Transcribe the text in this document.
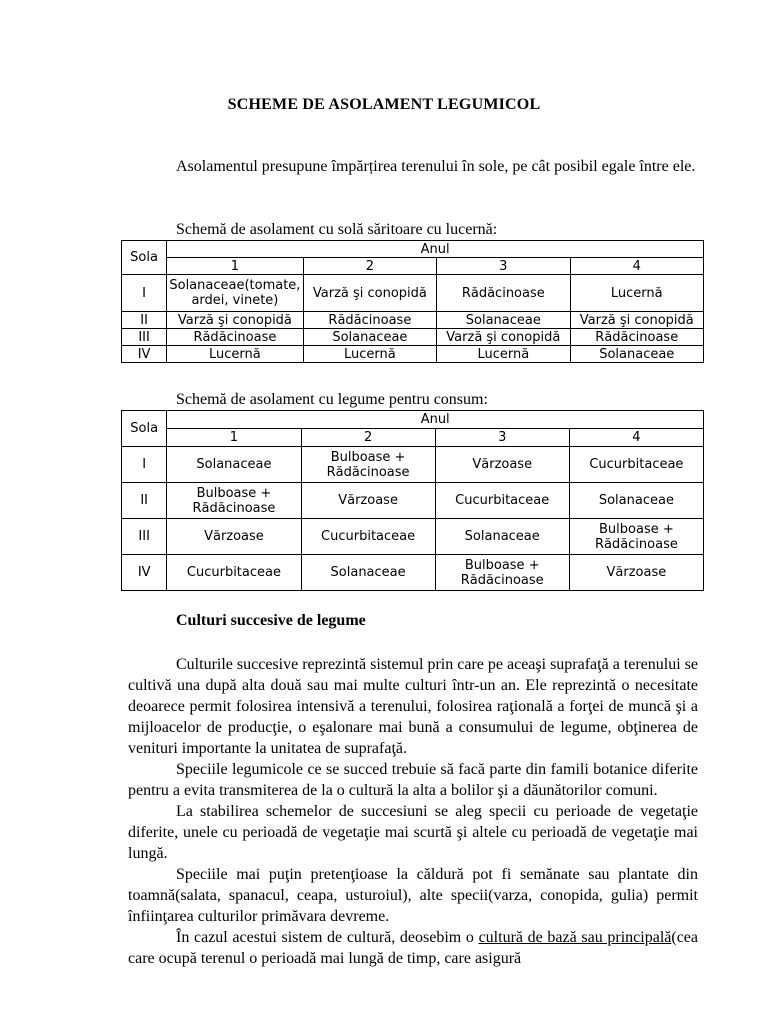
SCHEME DE ASOLAMENT LEGUMICOL
Asolamentul presupune împărțirea terenului în sole, pe cât posibil egale între ele.
Schemă de asolament cu solă săritoare cu lucernă:
Sola	Anul			
	1	2	3	4
I	Solanaceae(tomate, ardei, vinete)	Varză şi conopidă	Rădăcinoase	Lucernă
II	Varză şi conopidă	Rădăcinoase	Solanaceae	Varză şi conopidă
III	Rădăcinoase	Solanaceae	Varză şi conopidă	Rădăcinoase
IV	Lucernă	Lucernă	Lucernă	Solanaceae
Schemă de asolament cu legume pentru consum:
Sola	Anul			
	1	2	3	4
I	Solanaceae	Bulboase + Rădăcinoase	Vărzoase	Cucurbitaceae
II	Bulboase + Rădăcinoase	Vărzoase	Cucurbitaceae	Solanaceae
III	Vărzoase	Cucurbitaceae	Solanaceae	Bulboase + Rădăcinoase
IV	Cucurbitaceae	Solanaceae	Bulboase + Rădăcinoase	Vărzoase
Culturi succesive de legume
Culturile succesive reprezintă sistemul prin care pe aceaşi suprafaţă a terenului se cultivă una după alta două sau mai multe culturi într-un an. Ele reprezintă o necesitate deoarece permit folosirea intensivă a terenului, folosirea raţională a forţei de muncă şi a mijloacelor de producţie, o eşalonare mai bună a consumului de legume, obţinerea de venituri importante la unitatea de suprafaţă.
Speciile legumicole ce se succed trebuie să facă parte din famili botanice diferite pentru a evita transmiterea de la o cultură la alta a bolilor şi a dăunătorilor comuni.
La stabilirea schemelor de succesiuni se aleg specii cu perioade de vegetaţie diferite, unele cu perioadă de vegetaţie mai scurtă şi altele cu perioadă de vegetaţie mai lungă.
Speciile mai puţin pretenţioase la căldură pot fi semănate sau plantate din toamnă(salata, spanacul, ceapa, usturoiul), alte specii(varza, conopida, gulia) permit înfiinţarea culturilor primăvara devreme.
În cazul acestui sistem de cultură, deosebim o cultură de bază sau principală(cea care ocupă terenul o perioadă mai lungă de timp, care asigură
